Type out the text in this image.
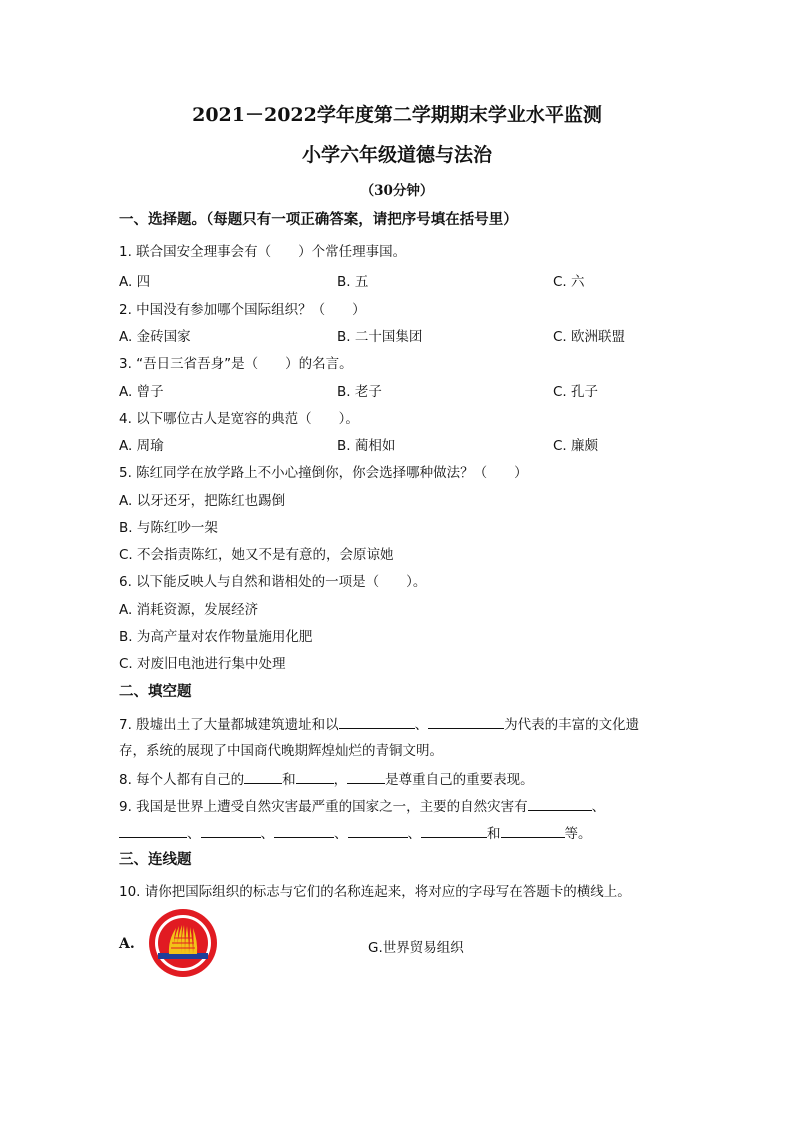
2021－2022学年度第二学期期末学业水平监测
小学六年级道德与法治
（30分钟）
一、选择题。（每题只有一项正确答案，请把序号填在括号里）
1. 联合国安全理事会有（　　）个常任理事国。
A. 四	B. 五	C. 六
2. 中国没有参加哪个国际组织？（　　）
A. 金砖国家	B. 二十国集团	C. 欧洲联盟
3. “吾日三省吾身”是（　　）的名言。
A. 曾子	B. 老子	C. 孔子
4. 以下哪位古人是宽容的典范（　　）。
A. 周瑜	B. 蔺相如	C. 廉颇
5. 陈红同学在放学路上不小心撞倒你，你会选择哪种做法？（　　）
A. 以牙还牙，把陈红也踢倒
B. 与陈红吵一架
C. 不会指责陈红，她又不是有意的，会原谅她
6. 以下能反映人与自然和谐相处的一项是（　　）。
A. 消耗资源，发展经济
B. 为高产量对农作物量施用化肥
C. 对废旧电池进行集中处理
二、填空题
7. 殷墟出土了大量都城建筑遗址和以	、	为代表的丰富的文化遗
存，系统的展现了中国商代晚期辉煌灿烂的青铜文明。
8. 每个人都有自己的	和	，	是尊重自己的重要表现。
9. 我国是世界上遭受自然灾害最严重的国家之一，主要的自然灾害有	、
、	、	、	、	和	等。
三、连线题
10. 请你把国际组织的标志与它们的名称连起来，将对应的字母写在答题卡的横线上。
A.	G.世界贸易组织
